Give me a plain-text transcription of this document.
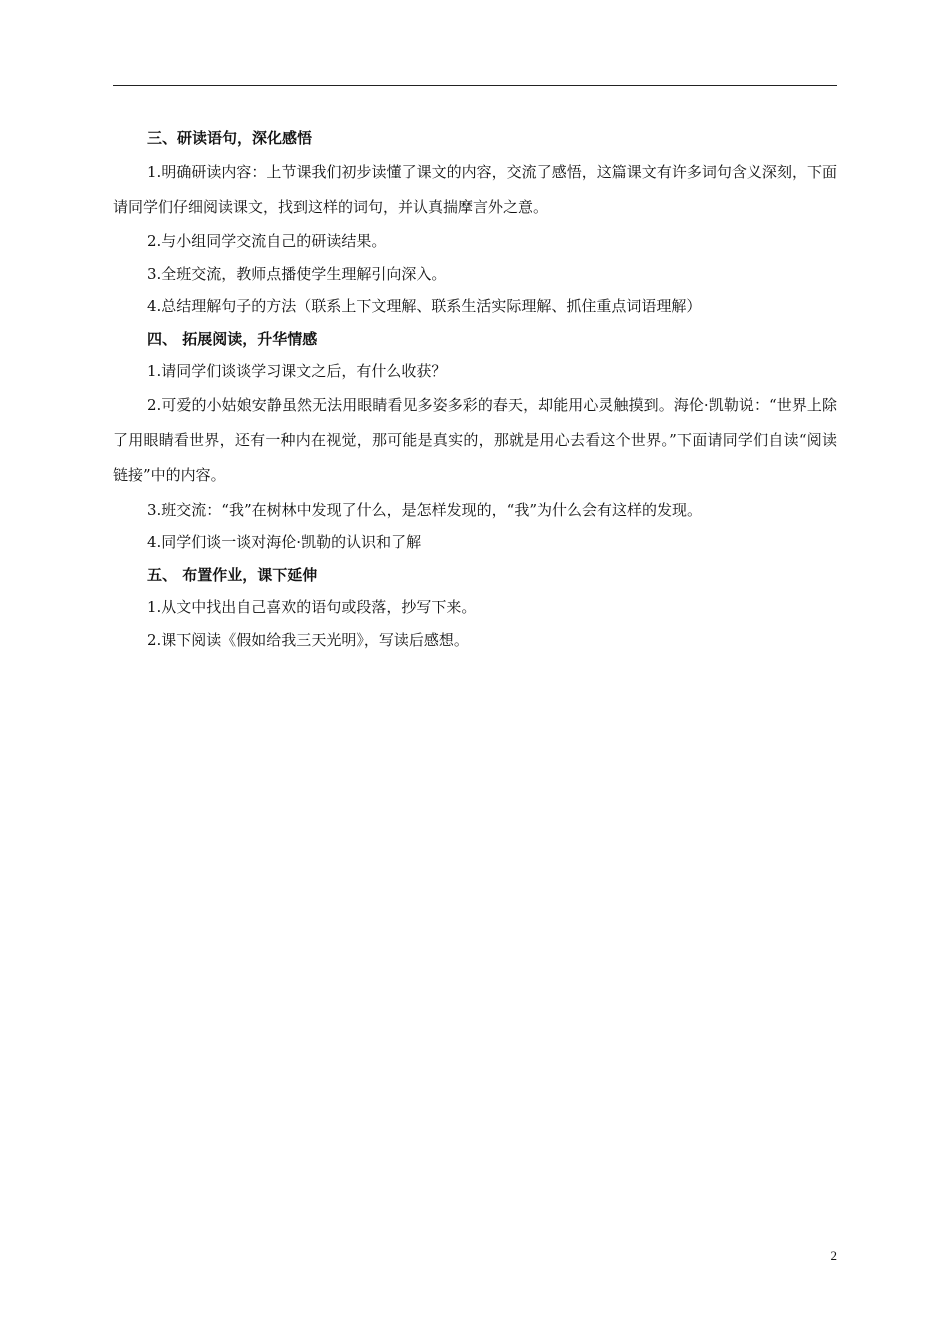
三、研读语句，深化感悟

1.明确研读内容：上节课我们初步读懂了课文的内容，交流了感悟，这篇课文有许多词句含义深刻，下面请同学们仔细阅读课文，找到这样的词句，并认真揣摩言外之意。

2.与小组同学交流自己的研读结果。

3.全班交流，教师点播使学生理解引向深入。

4.总结理解句子的方法（联系上下文理解、联系生活实际理解、抓住重点词语理解）

四、 拓展阅读，升华情感

1.请同学们谈谈学习课文之后，有什么收获？

2.可爱的小姑娘安静虽然无法用眼睛看见多姿多彩的春天，却能用心灵触摸到。海伦·凯勒说：“世界上除了用眼睛看世界，还有一种内在视觉，那可能是真实的，那就是用心去看这个世界。”下面请同学们自读“阅读链接”中的内容。

3.班交流：“我”在树林中发现了什么，是怎样发现的，“我”为什么会有这样的发现。

4.同学们谈一谈对海伦·凯勒的认识和了解

五、 布置作业，课下延伸

1.从文中找出自己喜欢的语句或段落，抄写下来。

2.课下阅读《假如给我三天光明》，写读后感想。

2
